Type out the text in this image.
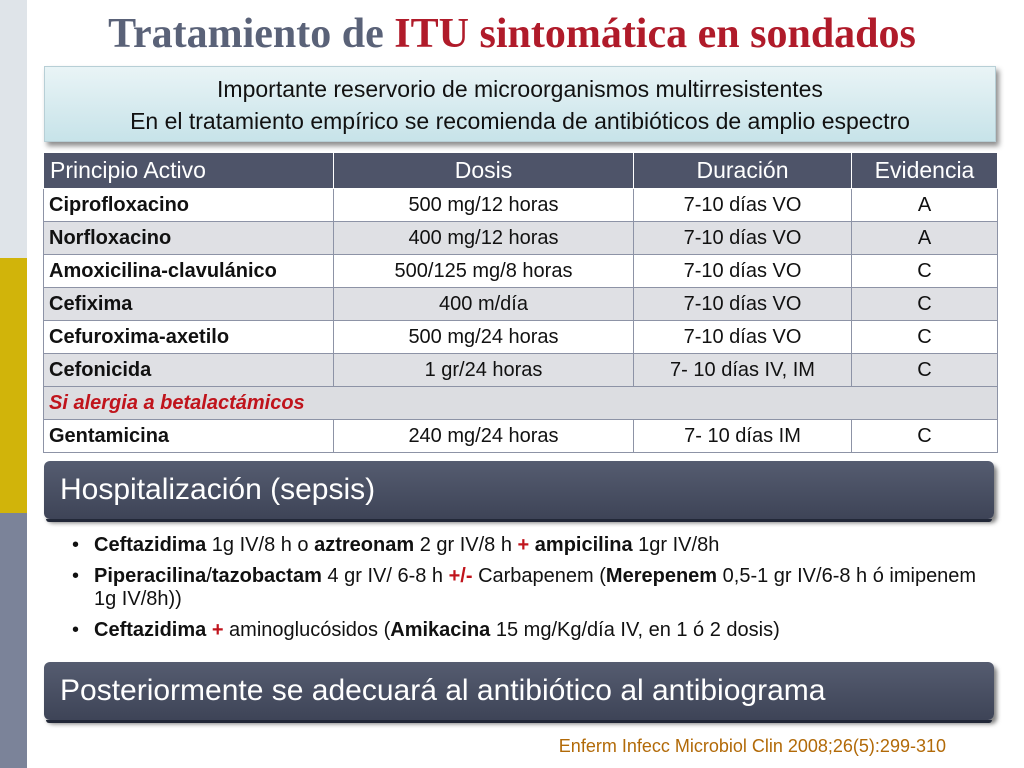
Tratamiento de ITU sintomática en sondados
Importante reservorio de microorganismos multirresistentes
En el tratamiento empírico se recomienda de antibióticos de amplio espectro
Principio Activo	Dosis	Duración	Evidencia
Ciprofloxacino	500 mg/12 horas	7-10 días VO	A
Norfloxacino	400 mg/12 horas	7-10 días VO	A
Amoxicilina-clavulánico	500/125 mg/8 horas	7-10 días VO	C
Cefixima	400 m/día	7-10 días VO	C
Cefuroxima-axetilo	500 mg/24 horas	7-10 días VO	C
Cefonicida	1 gr/24 horas	7- 10 días IV, IM	C
Si alergia a betalactámicos			
Gentamicina	240 mg/24 horas	7- 10 días IM	C
Hospitalización (sepsis)
• Ceftazidima 1g IV/8 h o aztreonam 2 gr IV/8 h + ampicilina 1gr IV/8h
• Piperacilina/tazobactam 4 gr IV/ 6-8 h +/- Carbapenem (Merepenem 0,5-1 gr IV/6-8 h ó imipenem 1g IV/8h))
• Ceftazidima + aminoglucósidos (Amikacina 15 mg/Kg/día IV, en 1 ó 2 dosis)
Posteriormente se adecuará al antibiótico al antibiograma
Enferm Infecc Microbiol Clin 2008;26(5):299-310
